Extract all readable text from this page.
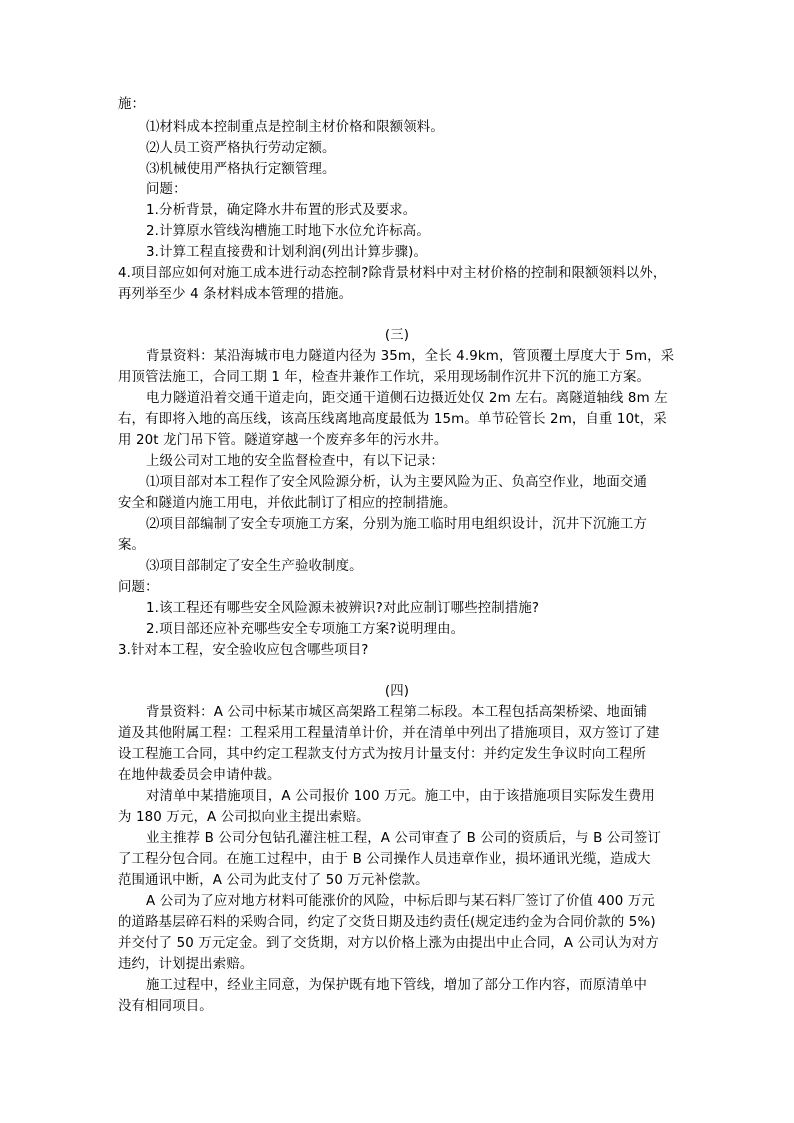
施：
⑴材料成本控制重点是控制主材价格和限额领料。
⑵人员工资严格执行劳动定额。
⑶机械使用严格执行定额管理。
问题：
1.分析背景，确定降水井布置的形式及要求。
2.计算原水管线沟槽施工时地下水位允许标高。
3.计算工程直接费和计划利润(列出计算步骤)。
4.项目部应如何对施工成本进行动态控制?除背景材料中对主材价格的控制和限额领料以外，
再列举至少 4 条材料成本管理的措施。
(三)
背景资料：某沿海城市电力隧道内径为 35m，全长 4.9km，管顶覆土厚度大于 5m，采
用顶管法施工，合同工期 1 年，检查井兼作工作坑，采用现场制作沉井下沉的施工方案。
电力隧道沿着交通干道走向，距交通干道侧石边摄近处仅 2m 左右。离隧道轴线 8m 左
右，有即将入地的高压线，该高压线离地高度最低为 15m。单节砼管长 2m，自重 10t，采
用 20t 龙门吊下管。隧道穿越一个废弃多年的污水井。
上级公司对工地的安全监督检查中，有以下记录：
⑴项目部对本工程作了安全风险源分析，认为主要风险为正、负高空作业，地面交通
安全和隧道内施工用电，并依此制订了相应的控制措施。
⑵项目部编制了安全专项施工方案，分别为施工临时用电组织设计，沉井下沉施工方
案。
⑶项目部制定了安全生产验收制度。
问题：
1.该工程还有哪些安全风险源未被辨识?对此应制订哪些控制措施?
2.项目部还应补充哪些安全专项施工方案?说明理由。
3.针对本工程，安全验收应包含哪些项目?
(四)
背景资料：A 公司中标某市城区高架路工程第二标段。本工程包括高架桥梁、地面铺
道及其他附属工程：工程采用工程量清单计价，并在清单中列出了措施项目，双方签订了建
设工程施工合同，其中约定工程款支付方式为按月计量支付：并约定发生争议时向工程所
在地仲裁委员会申请仲裁。
对清单中某措施项目，A 公司报价 100 万元。施工中，由于该措施项目实际发生费用
为 180 万元，A 公司拟向业主提出索赔。
业主推荐 B 公司分包钻孔灌注桩工程，A 公司审查了 B 公司的资质后，与 B 公司签订
了工程分包合同。在施工过程中，由于 B 公司操作人员违章作业，损坏通讯光缆，造成大
范围通讯中断，A 公司为此支付了 50 万元补偿款。
A 公司为了应对地方材料可能涨价的风险，中标后即与某石料厂签订了价值 400 万元
的道路基层碎石料的采购合同，约定了交货日期及违约责任(规定违约金为合同价款的 5%)
并交付了 50 万元定金。到了交货期，对方以价格上涨为由提出中止合同，A 公司认为对方
违约，计划提出索赔。
施工过程中，经业主同意，为保护既有地下管线，增加了部分工作内容，而原清单中
没有相同项目。
